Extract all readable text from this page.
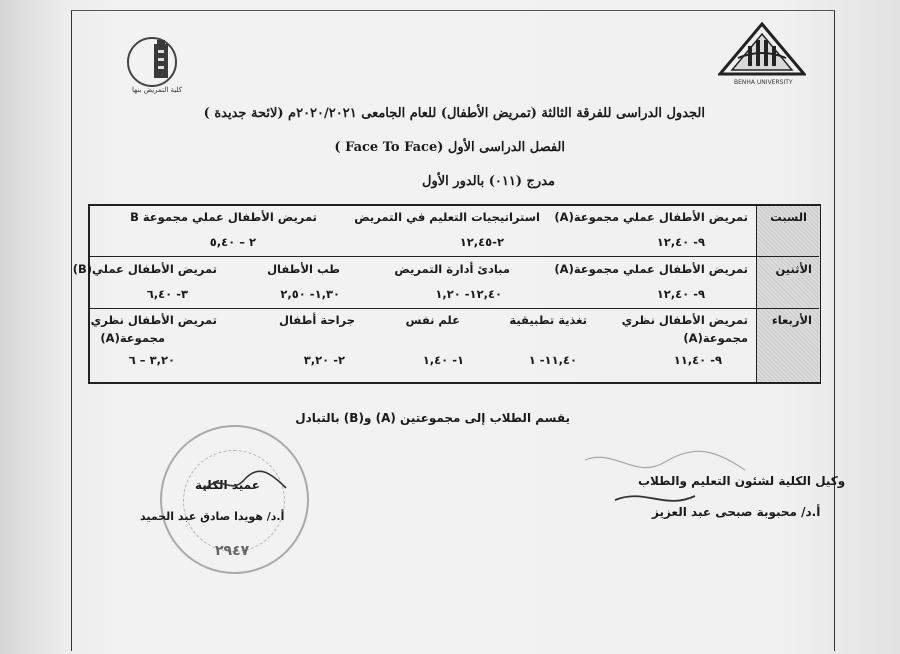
كلية التمريض بنها
BENHA UNIVERSITY
الجدول الدراسى للفرقة الثالثة (تمريض الأطفال) للعام الجامعى ٢٠٢٠/٢٠٢١م (لائحة جديدة )
الفصل الدراسى الأول (Face To Face )
مدرج (٠١١) بالدور الأول
السبت
الأثنين
الأربعاء
تمريض الأطفال عملي مجموعة(A)
٩- ١٢,٤٠
استراتيجيات التعليم في التمريض
٢-١٢,٤٥
تمريض الأطفال عملي مجموعة B
٢ – ٥,٤٠
تمريض الأطفال عملي مجموعة(A)
٩- ١٢,٤٠
مبادئ أدارة التمريض
١٢,٤٠- ١,٢٠
طب الأطفال
١,٣٠- ٢,٥٠
تمريض الأطفال عملي(B)
٣- ٦,٤٠
تمريض الأطفال نظري
مجموعة(A)
٩- ١١,٤٠
تغذية تطبيقية
١١,٤٠- ١
علم نفس
١- ١,٤٠
جراحة أطفال
٢- ٣,٢٠
تمريض الأطفال نظري
مجموعة(A)
٣,٢٠ – ٦
يقسم الطلاب إلى مجموعتين (A) و(B) بالتبادل
عميد الكلية
أ.د/ هويدا صادق عبد الحميد
٢٩٤٧
وكيل الكلية لشئون التعليم والطلاب
أ.د/ محبوبة صبحى عبد العزيز
